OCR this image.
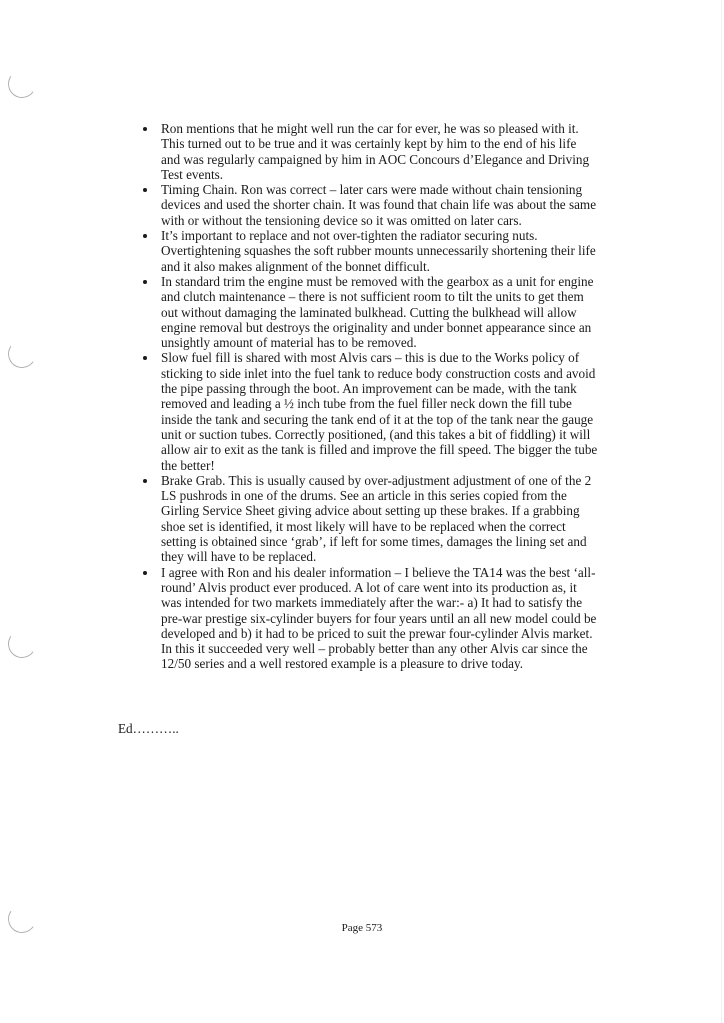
Ron mentions that he might well run the car for ever, he was so pleased with it. This turned out to be true and it was certainly kept by him to the end of his life and was regularly campaigned by him in AOC Concours d’Elegance and Driving Test events.
Timing Chain. Ron was correct – later cars were made without chain tensioning devices and used the shorter chain. It was found that chain life was about the same with or without the tensioning device so it was omitted on later cars.
It’s important to replace and not over-tighten the radiator securing nuts. Overtightening squashes the soft rubber mounts unnecessarily shortening their life and it also makes alignment of the bonnet difficult.
In standard trim the engine must be removed with the gearbox as a unit for engine and clutch maintenance – there is not sufficient room to tilt the units to get them out without damaging the laminated bulkhead. Cutting the bulkhead will allow engine removal but destroys the originality and under bonnet appearance since an unsightly amount of material has to be removed.
Slow fuel fill is shared with most Alvis cars – this is due to the Works policy of sticking to side inlet into the fuel tank to reduce body construction costs and avoid the pipe passing through the boot. An improvement can be made, with the tank removed and leading a ½ inch tube from the fuel filler neck down the fill tube inside the tank and securing the tank end of it at the top of the tank near the gauge unit or suction tubes. Correctly positioned, (and this takes a bit of fiddling) it will allow air to exit as the tank is filled and improve the fill speed. The bigger the tube the better!
Brake Grab. This is usually caused by over-adjustment adjustment of one of the 2 LS pushrods in one of the drums. See an article in this series copied from the Girling Service Sheet giving advice about setting up these brakes. If a grabbing shoe set is identified, it most likely will have to be replaced when the correct setting is obtained since ‘grab’, if left for some times, damages the lining set and they will have to be replaced.
I agree with Ron and his dealer information – I believe the TA14 was the best ‘all-round’ Alvis product ever produced. A lot of care went into its production as, it was intended for two markets immediately after the war:- a) It had to satisfy the pre-war prestige six-cylinder buyers for four years until an all new model could be developed and b) it had to be priced to suit the prewar four-cylinder Alvis market. In this it succeeded very well – probably better than any other Alvis car since the 12/50 series and a well restored example is a pleasure to drive today.
Ed………..
Page 573
